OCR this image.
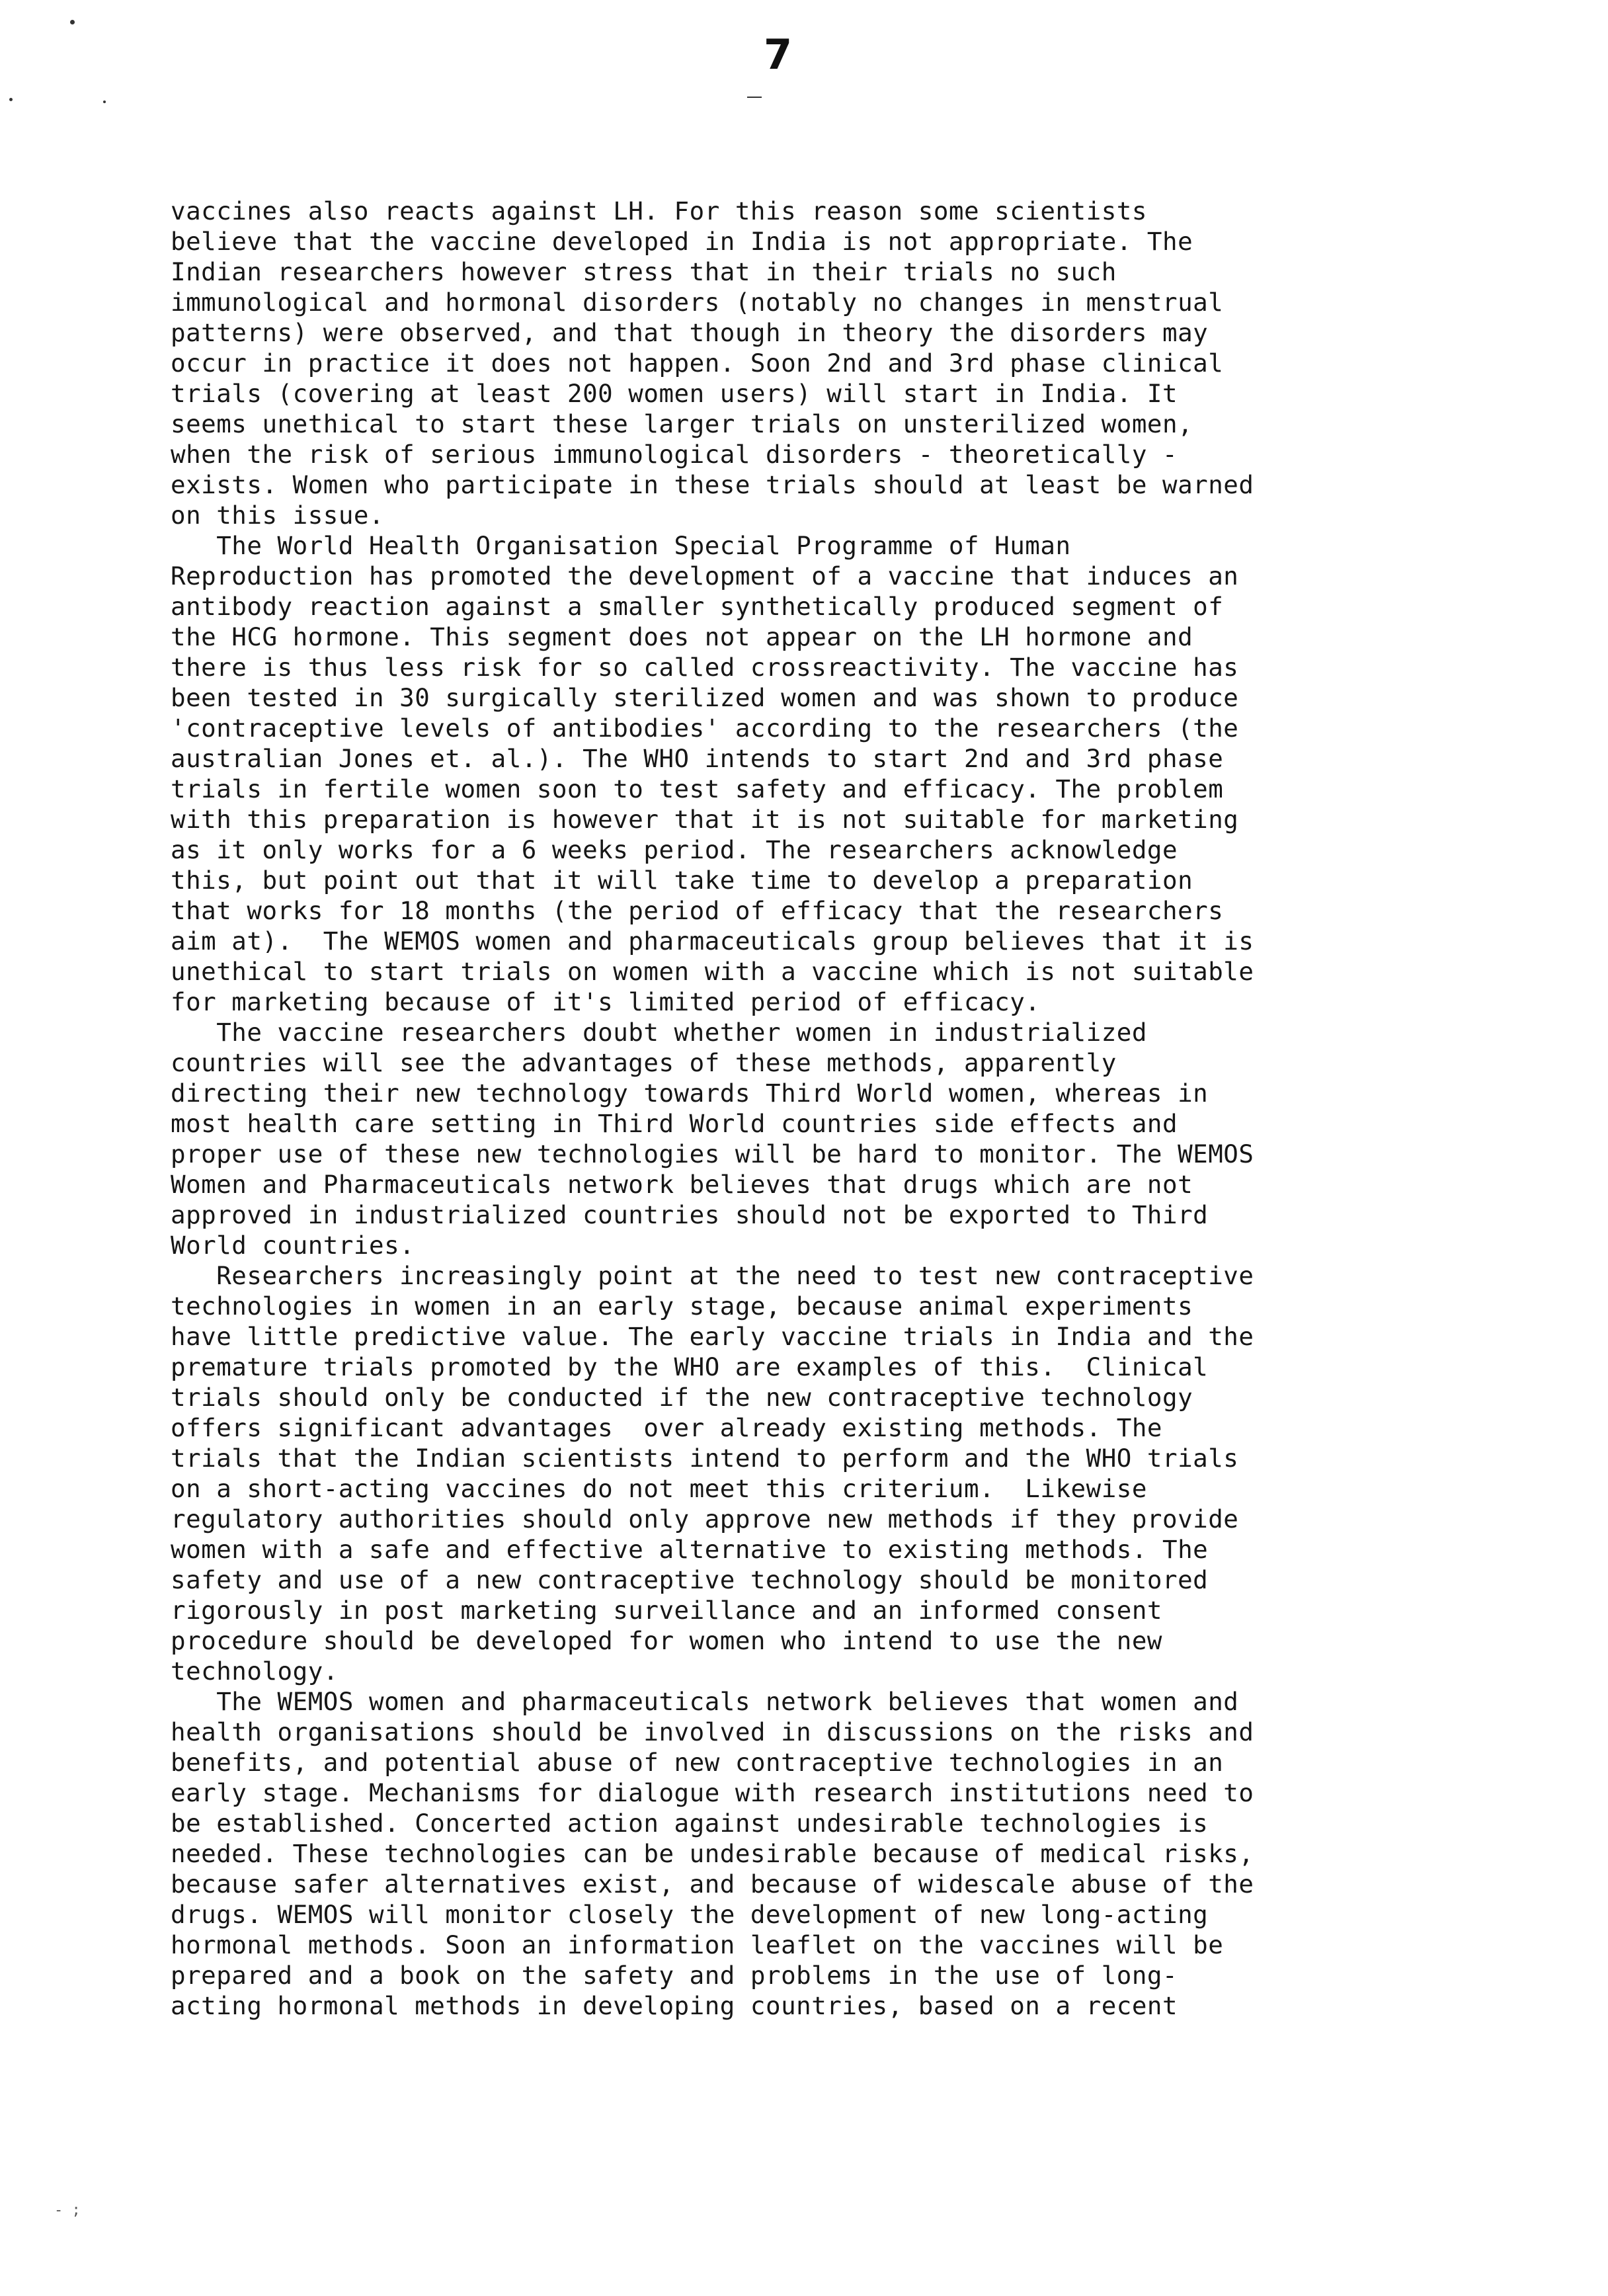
7
vaccines also reacts against LH. For this reason some scientists
believe that the vaccine developed in India is not appropriate. The
Indian researchers however stress that in their trials no such
immunological and hormonal disorders (notably no changes in menstrual
patterns) were observed, and that though in theory the disorders may
occur in practice it does not happen. Soon 2nd and 3rd phase clinical
trials (covering at least 200 women users) will start in India. It
seems unethical to start these larger trials on unsterilized women,
when the risk of serious immunological disorders - theoretically -
exists. Women who participate in these trials should at least be warned
on this issue.
The World Health Organisation Special Programme of Human
Reproduction has promoted the development of a vaccine that induces an
antibody reaction against a smaller synthetically produced segment of
the HCG hormone. This segment does not appear on the LH hormone and
there is thus less risk for so called crossreactivity. The vaccine has
been tested in 30 surgically sterilized women and was shown to produce
'contraceptive levels of antibodies' according to the researchers (the
australian Jones et. al.). The WHO intends to start 2nd and 3rd phase
trials in fertile women soon to test safety and efficacy. The problem
with this preparation is however that it is not suitable for marketing
as it only works for a 6 weeks period. The researchers acknowledge
this, but point out that it will take time to develop a preparation
that works for 18 months (the period of efficacy that the researchers
aim at).  The WEMOS women and pharmaceuticals group believes that it is
unethical to start trials on women with a vaccine which is not suitable
for marketing because of it's limited period of efficacy.
The vaccine researchers doubt whether women in industrialized
countries will see the advantages of these methods, apparently
directing their new technology towards Third World women, whereas in
most health care setting in Third World countries side effects and
proper use of these new technologies will be hard to monitor. The WEMOS
Women and Pharmaceuticals network believes that drugs which are not
approved in industrialized countries should not be exported to Third
World countries.
Researchers increasingly point at the need to test new contraceptive
technologies in women in an early stage, because animal experiments
have little predictive value. The early vaccine trials in India and the
premature trials promoted by the WHO are examples of this.  Clinical
trials should only be conducted if the new contraceptive technology
offers significant advantages  over already existing methods. The
trials that the Indian scientists intend to perform and the WHO trials
on a short-acting vaccines do not meet this criterium.  Likewise
regulatory authorities should only approve new methods if they provide
women with a safe and effective alternative to existing methods. The
safety and use of a new contraceptive technology should be monitored
rigorously in post marketing surveillance and an informed consent
procedure should be developed for women who intend to use the new
technology.
The WEMOS women and pharmaceuticals network believes that women and
health organisations should be involved in discussions on the risks and
benefits, and potential abuse of new contraceptive technologies in an
early stage. Mechanisms for dialogue with research institutions need to
be established. Concerted action against undesirable technologies is
needed. These technologies can be undesirable because of medical risks,
because safer alternatives exist, and because of widescale abuse of the
drugs. WEMOS will monitor closely the development of new long-acting
hormonal methods. Soon an information leaflet on the vaccines will be
prepared and a book on the safety and problems in the use of long-
acting hormonal methods in developing countries, based on a recent
- ;
